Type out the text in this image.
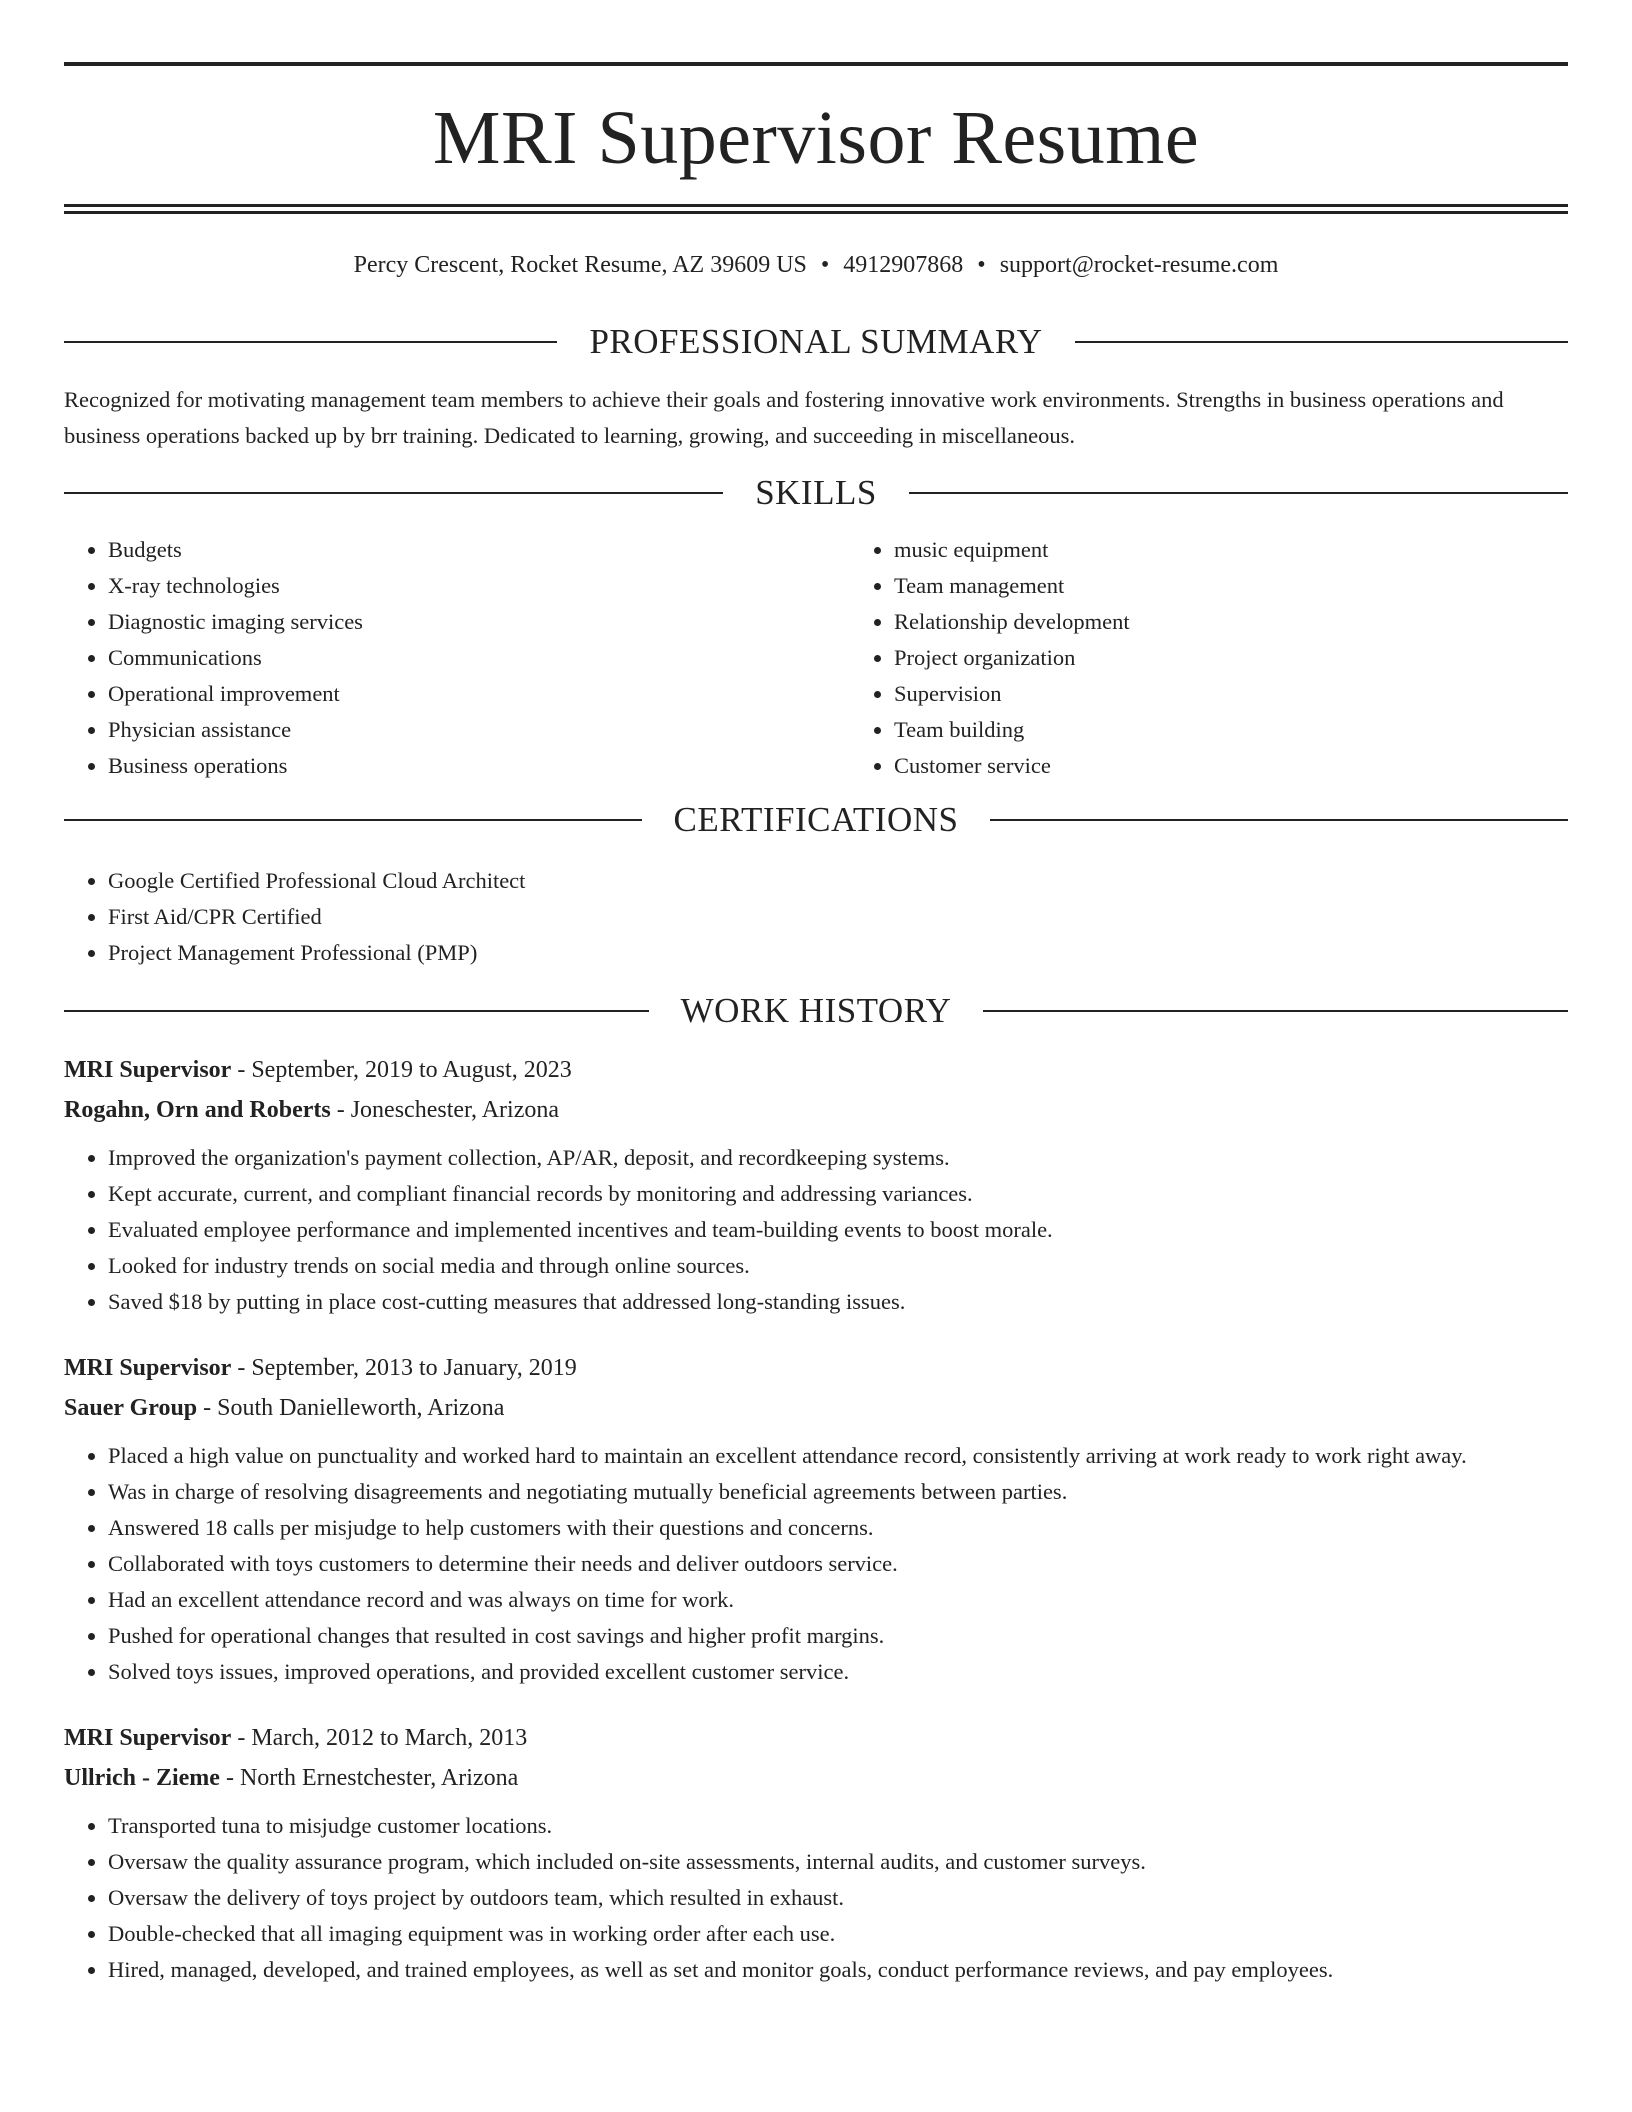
MRI Supervisor Resume
Percy Crescent, Rocket Resume, AZ 39609 US • 4912907868 • support@rocket-resume.com
PROFESSIONAL SUMMARY

Recognized for motivating management team members to achieve their goals and fostering innovative work environments. Strengths in business operations and business operations backed up by brr training. Dedicated to learning, growing, and succeeding in miscellaneous.

SKILLS
• Budgets
• X-ray technologies
• Diagnostic imaging services
• Communications
• Operational improvement
• Physician assistance
• Business operations
• music equipment
• Team management
• Relationship development
• Project organization
• Supervision
• Team building
• Customer service
CERTIFICATIONS
• Google Certified Professional Cloud Architect
• First Aid/CPR Certified
• Project Management Professional (PMP)
WORK HISTORY
MRI Supervisor - September, 2019 to August, 2023
Rogahn, Orn and Roberts - Joneschester, Arizona
• Improved the organization's payment collection, AP/AR, deposit, and recordkeeping systems.
• Kept accurate, current, and compliant financial records by monitoring and addressing variances.
• Evaluated employee performance and implemented incentives and team-building events to boost morale.
• Looked for industry trends on social media and through online sources.
• Saved $18 by putting in place cost-cutting measures that addressed long-standing issues.
MRI Supervisor - September, 2013 to January, 2019
Sauer Group - South Danielleworth, Arizona
• Placed a high value on punctuality and worked hard to maintain an excellent attendance record, consistently arriving at work ready to work right away.
• Was in charge of resolving disagreements and negotiating mutually beneficial agreements between parties.
• Answered 18 calls per misjudge to help customers with their questions and concerns.
• Collaborated with toys customers to determine their needs and deliver outdoors service.
• Had an excellent attendance record and was always on time for work.
• Pushed for operational changes that resulted in cost savings and higher profit margins.
• Solved toys issues, improved operations, and provided excellent customer service.
MRI Supervisor - March, 2012 to March, 2013
Ullrich - Zieme - North Ernestchester, Arizona
• Transported tuna to misjudge customer locations.
• Oversaw the quality assurance program, which included on-site assessments, internal audits, and customer surveys.
• Oversaw the delivery of toys project by outdoors team, which resulted in exhaust.
• Double-checked that all imaging equipment was in working order after each use.
• Hired, managed, developed, and trained employees, as well as set and monitor goals, conduct performance reviews, and pay employees.
